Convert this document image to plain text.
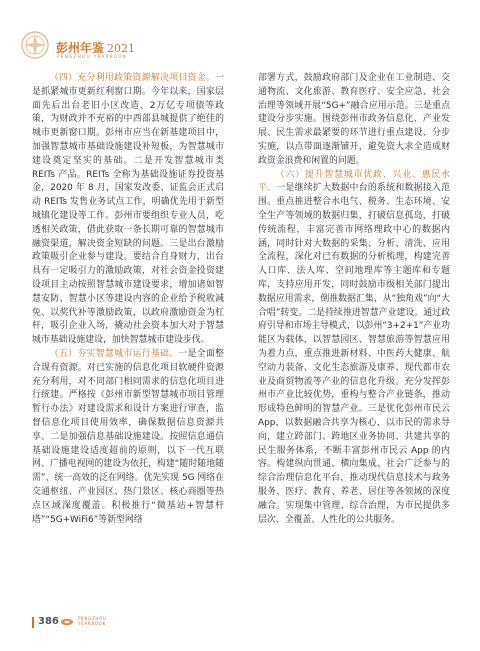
彭州年鉴 2021
PENGZHOU YEARBOOK

（四）充分利用政策资源解决项目资金。一是抓紧城市更新红利窗口期。今年以来，国家层面先后出台老旧小区改造、2万亿专项债等政策，为财政并不充裕的中西部县城提供了绝佳的城市更新窗口期。彭州市应当在新基建项目中，加强智慧城市基础设施建设补短板，为智慧城市建设奠定坚实的基础。二是开发智慧城市类 REITs 产品。REITs 全称为基础设施证券投资基金，2020 年 8 月，国家发改委、证监会正式启动 REITs 发售业务试点工作，明确优先用于新型城镇化建设等工作。彭州市要组织专业人员，吃透相关政策，借此获取一条长期可靠的智慧城市融资渠道，解决资金短缺的问题。三是出台激励政策吸引企业参与建设。要结合自身财力，出台具有一定吸引力的激励政策，对社会资金投资建设项目主动按照智慧城市建设要求，增加诸如智慧安防、智慧小区等建设内容的企业给予税收减免、以奖代补等激励政策，以政府激励资金为杠杆，吸引企业入场，撬动社会资本加大对于智慧城市基础设施建设，加快智慧城市建设步伐。

（五）夯实智慧城市运行基础。一是全面整合现有资源。对已实施的信息化项目软硬件资源充分利用，对不同部门相同需求的信息化项目进行统建。严格按《彭州市新型智慧城市项目管理暂行办法》对建设需求和设计方案进行审查，监督信息化项目使用效率，确保数据信息资源共享。二是加强信息基础设施建设。按照信息通信基础设施建设适度超前的原则，以下一代互联网、广播电视网的建设为依托，构建“随时随地随需”、统一高效的泛在网络。优先实现 5G 网络在交通枢纽、产业园区、热门景区、核心商圈等热点区域深度覆盖。积极推行“微基站+智慧杆塔”“5G+WiFi6”等新型网络

部署方式，鼓励政府部门及企业在工业制造、交通物流、文化旅游、教育医疗、安全应急、社会治理等领域开展“5G+”融合应用示范。三是重点建设分步实施。围绕彭州市政务信息化、产业发展、民生需求最紧要的环节进行重点建设、分步实施，以点带面逐渐铺开，避免资大求全造成财政资金浪费和闲置的问题。

（六）提升智慧城市优政、兴业、惠民水平。一是继续扩大数据中台的系统和数据接入范围。重点推进整合水电气、税务、生态环境、安全生产等领域的数据归集，打破信息孤岛，打破传统流程，丰富完善市网络理政中心的数据内涵，同时针对大数据的采集、分析、清洗、应用全流程，深化对已有数据的分析梳理，构建完善人口库、法人库、空间地理库等主题库和专题库，支持应用开发，同时鼓励市级相关部门提出数据应用需求，倒推数据汇集，从“独角戏”向“大合唱”转变。二是持续推进智慧产业建设。通过政府引导和市场主导模式，以彭州“3+2+1”产业功能区为载体，以智慧园区、智慧旅游等智慧应用为着力点，重点推进新材料、中医药大健康、航空动力装备、文化生态旅游及康养、现代都市农业及商贸物流等产业的信息化升级。充分发挥彭州市产业比较优势，重构与整合产业链条，推动形成特色鲜明的智慧产业。三是优化彭州市民云 App，以数据融合共享为核心，以市民的需求导向，建立跨部门、跨地区业务协同、共建共享的民生服务体系，不断丰富彭州市民云 App 的内容。构建纵向贯通、横向集成、社会广泛参与的综合治理信息化平台，推动现代信息技术与政务服务、医疗、教育、养老、居住等各领域的深度融合。实现集中管理、综合治理，为市民提供多层次、全覆盖、人性化的公共服务。

386	PENGZHOU
YEARBOOK
